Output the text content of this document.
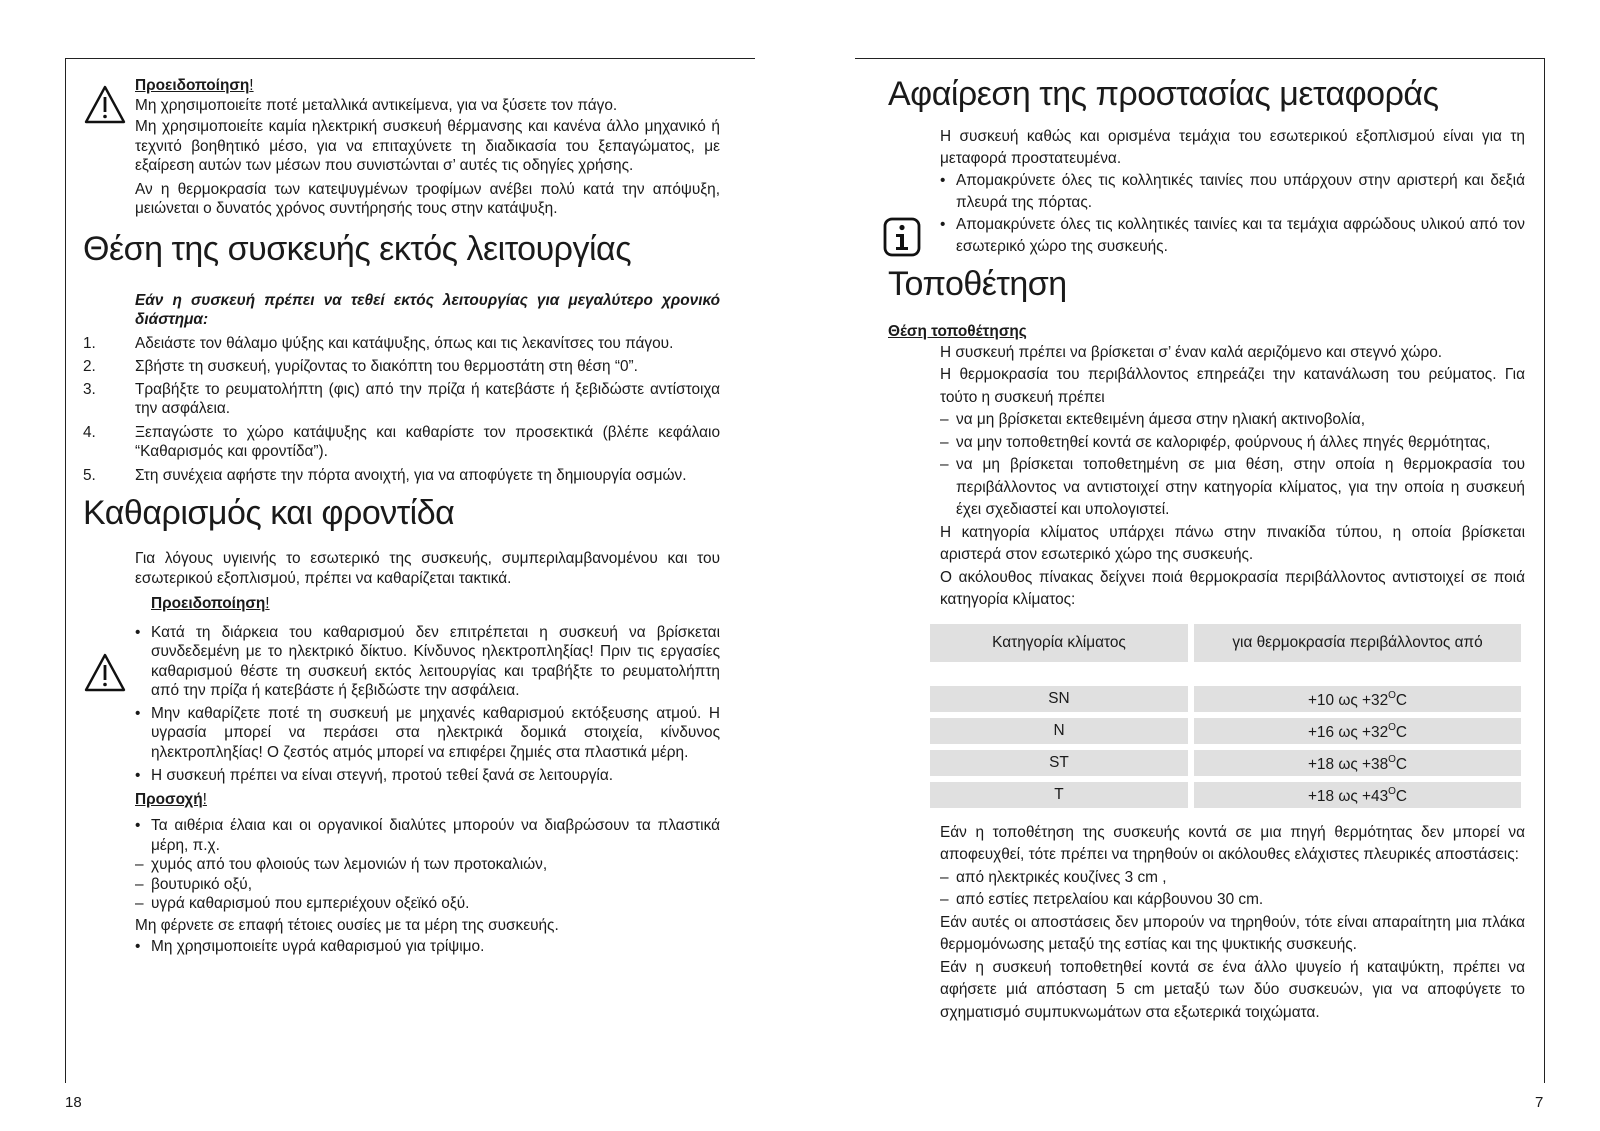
18	7
Προειδοποίηση!

Μη χρησιμοποιείτε ποτέ μεταλλικά αντικείμενα, για να ξύσετε τον πάγο.

Μη χρησιμοποιείτε καμία ηλεκτρική συσκευή θέρμανσης και κανένα άλλο μηχανικό ή τεχνιτό βοηθητικό μέσο, για να επιταχύνετε τη διαδικασία του ξεπαγώματος, με εξαίρεση αυτών των μέσων που συνιστώνται σ’ αυτές τις οδηγίες χρήσης.

Αν η θερμοκρασία των κατεψυγμένων τροφίμων ανέβει πολύ κατά την απόψυξη, μειώνεται ο δυνατός χρόνος συντήρησής τους στην κατάψυξη.

Θέση της συσκευής εκτός λειτουργίας

Εάν η συσκευή πρέπει να τεθεί εκτός λειτουργίας για μεγαλύτερο χρονικό διάστημα:

1.	Αδειάστε τον θάλαμο ψύξης και κατάψυξης, όπως και τις λεκανίτσες του πάγου.
2.	Σβήστε τη συσκευή, γυρίζοντας το διακόπτη του θερμοστάτη στη θέση “0”.
3.	Τραβήξτε το ρευματολήπτη (φις) από την πρίζα ή κατεβάστε ή ξεβιδώστε αντίστοιχα την ασφάλεια.
4.	Ξεπαγώστε το χώρο κατάψυξης και καθαρίστε τον προσεκτικά (βλέπε κεφάλαιο “Καθαρισμός και φροντίδα”).
5.	Στη συνέχεια αφήστε την πόρτα ανοιχτή, για να αποφύγετε τη δημιουργία οσμών.
Καθαρισμός και φροντίδα

Για λόγους υγιεινής το εσωτερικό της συσκευής, συμπεριλαμβανομένου και του εσωτερικού εξοπλισμού, πρέπει να καθαρίζεται τακτικά.

Προειδοποίηση!
• Κατά τη διάρκεια του καθαρισμού δεν επιτρέπεται η συσκευή να βρίσκεται συνδεδεμένη με το ηλεκτρικό δίκτυο. Κίνδυνος ηλεκτροπληξίας! Πριν τις εργασίες καθαρισμού θέστε τη συσκευή εκτός λειτουργίας και τραβήξτε το ρευματολήπτη από την πρίζα ή κατεβάστε ή ξεβιδώστε την ασφάλεια.
• Μην καθαρίζετε ποτέ τη συσκευή με μηχανές καθαρισμού εκτόξευσης ατμού. Η υγρασία μπορεί να περάσει στα ηλεκτρικά δομικά στοιχεία, κίνδυνος ηλεκτροπληξίας! Ο ζεστός ατμός μπορεί να επιφέρει ζημιές στα πλαστικά μέρη.
• Η συσκευή πρέπει να είναι στεγνή, προτού τεθεί ξανά σε λειτουργία.
Προσοχή!
• Τα αιθέρια έλαια και οι οργανικοί διαλύτες μπορούν να διαβρώσουν τα πλαστικά μέρη, π.χ.
– χυμός από του φλοιούς των λεμονιών ή των προτοκαλιών,
– βουτυρικό οξύ,
– υγρά καθαρισμού που εμπεριέχουν οξεϊκό οξύ.

Μη φέρνετε σε επαφή τέτοιες ουσίες με τα μέρη της συσκευής.

• Μη χρησιμοποιείτε υγρά καθαρισμού για τρίψιμο.
Αφαίρεση της προστασίας μεταφοράς

Η συσκευή καθώς και ορισμένα τεμάχια του εσωτερικού εξοπλισμού είναι για τη μεταφορά προστατευμένα.

• Απομακρύνετε όλες τις κολλητικές ταινίες που υπάρχουν στην αριστερή και δεξιά πλευρά της πόρτας.
• Απομακρύνετε όλες τις κολλητικές ταινίες και τα τεμάχια αφρώδους υλικού από τον εσωτερικό χώρο της συσκευής.
Τοποθέτηση
Θέση τοποθέτησης

Η συσκευή πρέπει να βρίσκεται σ’ έναν καλά αεριζόμενο και στεγνό χώρο.

Η θερμοκρασία του περιβάλλοντος επηρεάζει την κατανάλωση του ρεύματος. Για τούτο η συσκευή πρέπει

– να μη βρίσκεται εκτεθειμένη άμεσα στην ηλιακή ακτινοβολία,
– να μην τοποθετηθεί κοντά σε καλοριφέρ, φούρνους ή άλλες πηγές θερμότητας,
– να μη βρίσκεται τοποθετημένη σε μια θέση, στην οποία η θερμοκρασία του περιβάλλοντος να αντιστοιχεί στην κατηγορία κλίματος, για την οποία η συσκευή έχει σχεδιαστεί και υπολογιστεί.

Η κατηγορία κλίματος υπάρχει πάνω στην πινακίδα τύπου, η οποία βρίσκεται αριστερά στον εσωτερικό χώρο της συσκευής.

Ο ακόλουθος πίνακας δείχνει ποιά θερμοκρασία περιβάλλοντος αντιστοιχεί σε ποιά κατηγορία κλίματος:

Κατηγορία κλίματος	για θερμοκρασία περιβάλλοντος από

SN	+10 $\omega\varsigma +32^OC$
N	+16 $\omega\varsigma +32^OC$
ST	+18 $\omega\varsigma +38^OC$
T	+18 $\omega\varsigma +43^OC$

Εάν η τοποθέτηση της συσκευής κοντά σε μια πηγή θερμότητας δεν μπορεί να αποφευχθεί, τότε πρέπει να τηρηθούν οι ακόλουθες ελάχιστες πλευρικές αποστάσεις:

– από ηλεκτρικές κουζίνες 3 cm ,
– από εστίες πετρελαίου και κάρβουνου 30 cm.

Εάν αυτές οι αποστάσεις δεν μπορούν να τηρηθούν, τότε είναι απαραίτητη μια πλάκα θερμομόνωσης μεταξύ της εστίας και της ψυκτικής συσκευής.

Εάν η συσκευή τοποθετηθεί κοντά σε ένα άλλο ψυγείο ή καταψύκτη, πρέπει να αφήσετε μιά απόσταση 5 cm μεταξύ των δύο συσκευών, για να αποφύγετε το σχηματισμό συμπυκνωμάτων στα εξωτερικά τοιχώματα.
